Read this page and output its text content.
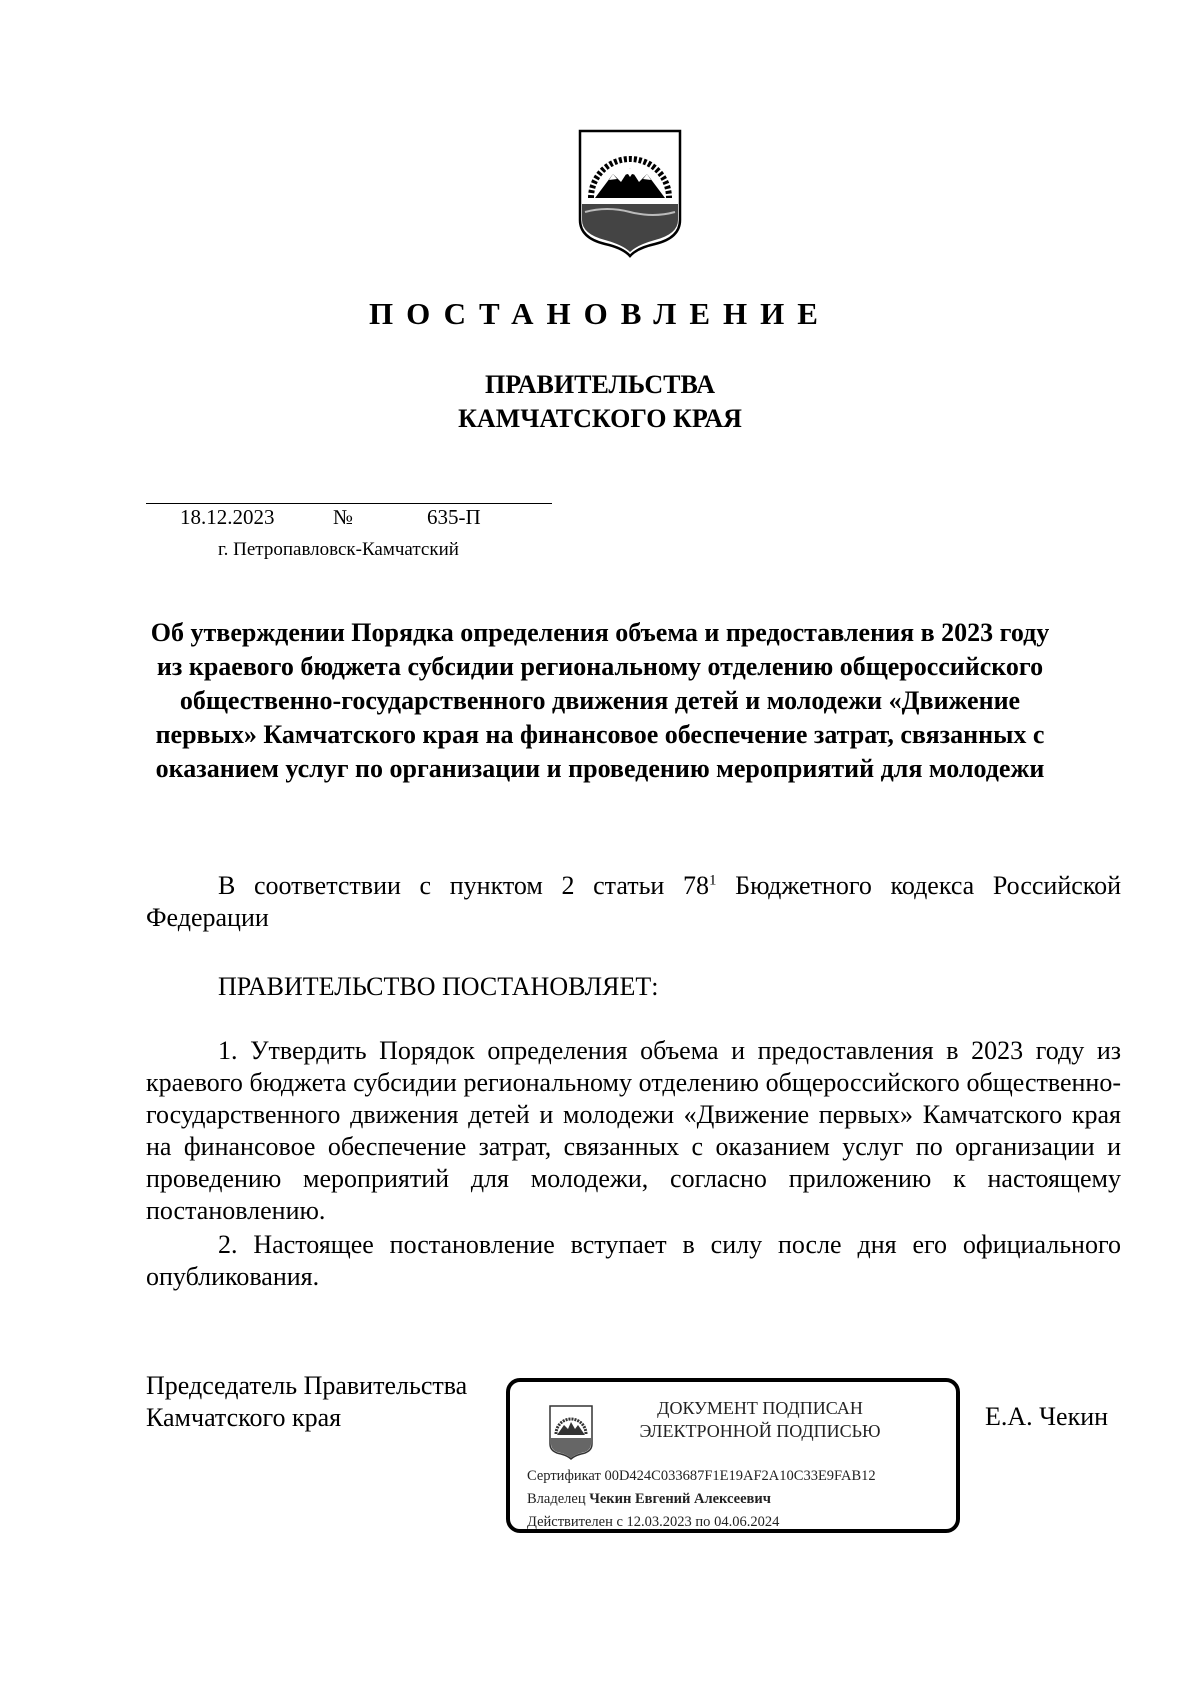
ПОСТАНОВЛЕНИЕ
ПРАВИТЕЛЬСТВА
КАМЧАТСКОГО КРАЯ
18.12.2023	№	635-П
г. Петропавловск-Камчатский
Об утверждении Порядка определения объема и предоставления в 2023 году из краевого бюджета субсидии региональному отделению общероссийского общественно-государственного движения детей и молодежи «Движение первых» Камчатского края на финансовое обеспечение затрат, связанных с оказанием услуг по организации и проведению мероприятий для молодежи
В соответствии с пунктом 2 статьи $78^1$ Бюджетного кодекса Российской Федерации
ПРАВИТЕЛЬСТВО ПОСТАНОВЛЯЕТ:
1. Утвердить Порядок определения объема и предоставления в 2023 году из краевого бюджета субсидии региональному отделению общероссийского общественно-государственного движения детей и молодежи «Движение первых» Камчатского края на финансовое обеспечение затрат, связанных с оказанием услуг по организации и проведению мероприятий для молодежи, согласно приложению к настоящему постановлению.
2. Настоящее постановление вступает в силу после дня его официального опубликования.
Председатель Правительства
Камчатского края	ДОКУМЕНТ ПОДПИСАН
ЭЛЕКТРОННОЙ ПОДПИСЬЮ
Сертификат 00D424C033687F1E19AF2A10C33E9FAB12
Владелец Чекин Евгений Алексеевич
Действителен с 12.03.2023 по 04.06.2024
Е.А. Чекин
